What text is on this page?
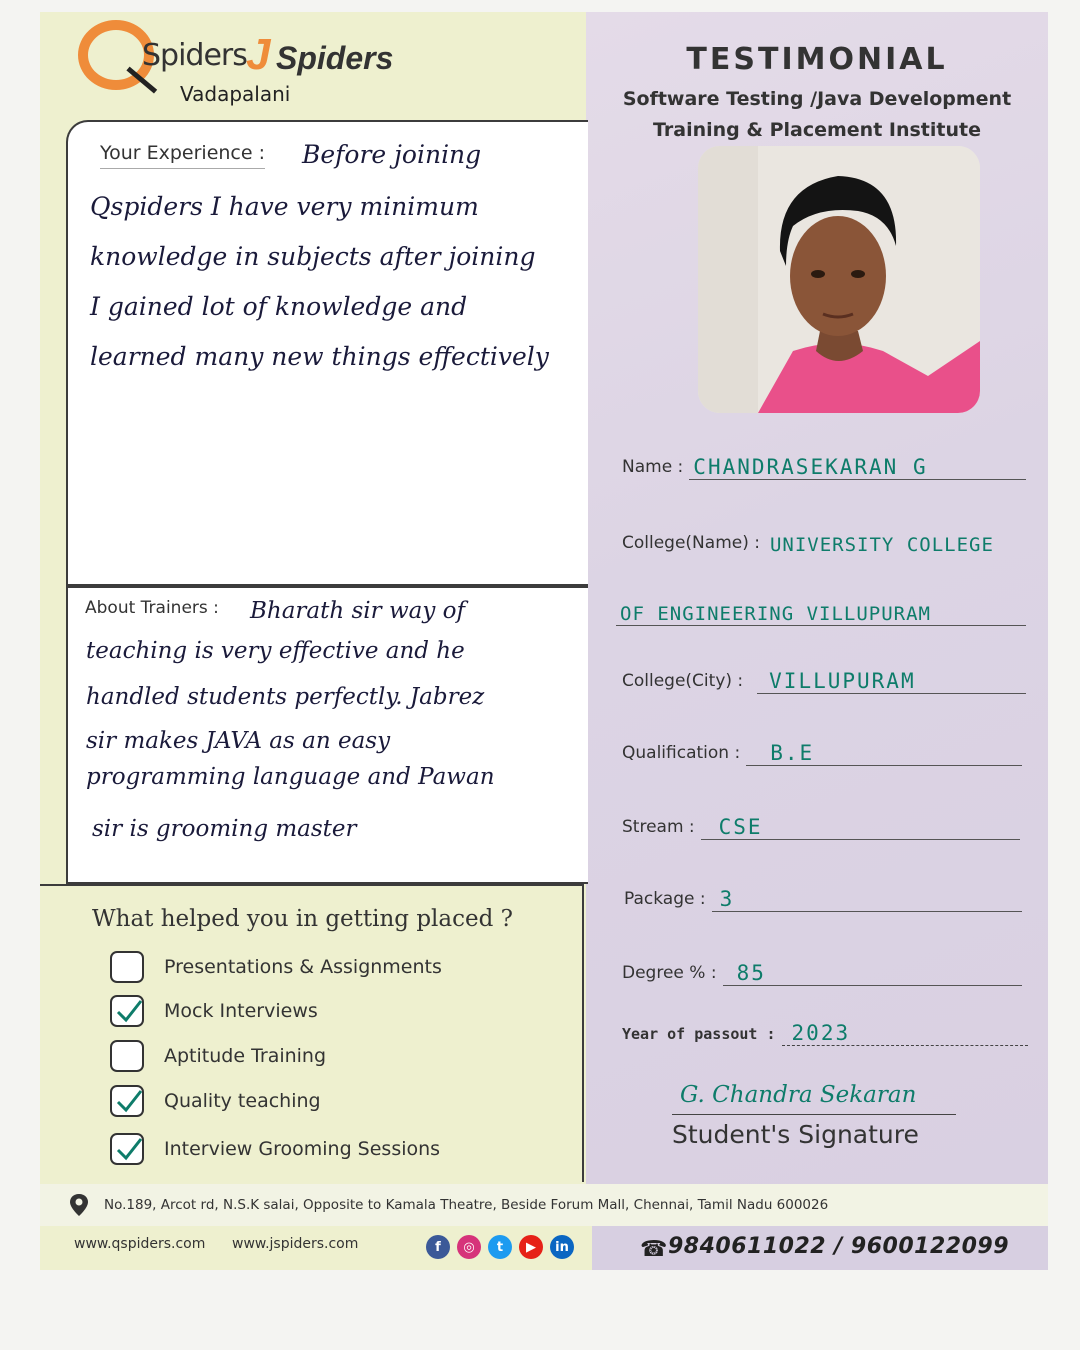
Spiders J Spiders
Vadapalani
TESTIMONIAL
Software Testing /Java Development
Training & Placement Institute
Your Experience : Before joining
Qspiders I have very minimum
knowledge in subjects after joining
I gained lot of knowledge and
learned many new things effectively
About Trainers : Bharath sir way of
teaching is very effective and he
handled students perfectly. Jabrez
sir makes JAVA as an easy
programming language and Pawan
sir is grooming master
What helped you in getting placed ?
Presentations & Assignments
Mock Interviews
Aptitude Training
Quality teaching
Interview Grooming Sessions
Name : CHANDRASEKARAN G
College(Name) : UNIVERSITY COLLEGE
OF ENGINEERING VILLUPURAM
College(City) : VILLUPURAM
Qualification : B.E
Stream : CSE
Package : 3
Degree % : 85
Year of passout : 2023
G. Chandra Sekaran
Student's Signature
No.189, Arcot rd, N.S.K salai, Opposite to Kamala Theatre, Beside Forum Mall, Chennai, Tamil Nadu 600026
www.qspiders.com www.jspiders.com	f	◎	t	▶	in	☎ 9840611022 / 9600122099
